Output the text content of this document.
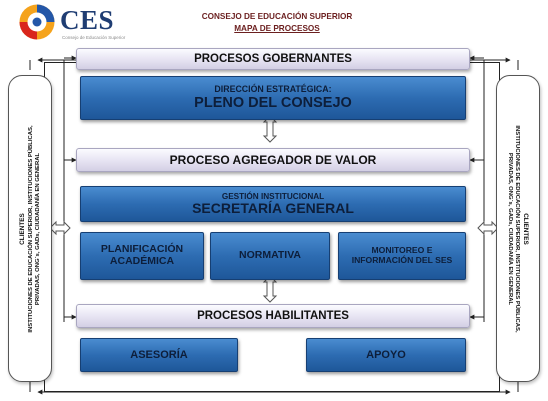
CES
Consejo de Educación Superior
CONSEJO DE EDUCACIÓN SUPERIOR
MAPA DE PROCESOS
CLIENTES INSTITUCIONES DE EDUCACIÓN SUPERIOR, INSTITUCIONES PÚBLICAS,
PRIVADAS, ONG´s, GADs, CIUDADANÍA EN GENERAL	CLIENTES
INSTITUCIONES DE EDUCACIÓN SUPERIOR, INSTITUCIONES PÚBLICAS,
PRIVADAS, ONG´s, GADs, CIUDADANÍA EN GENERAL
PROCESOS GOBERNANTES
DIRECCIÓN ESTRATÉGICA:
PLENO DEL CONSEJO
PROCESO AGREGADOR DE VALOR
GESTIÓN INSTITUCIONAL
SECRETARÍA GENERAL
PLANIFICACIÓN
ACADÉMICA	NORMATIVA	MONITOREO E
INFORMACIÓN DEL SES
PROCESOS HABILITANTES
ASESORÍA	APOYO
